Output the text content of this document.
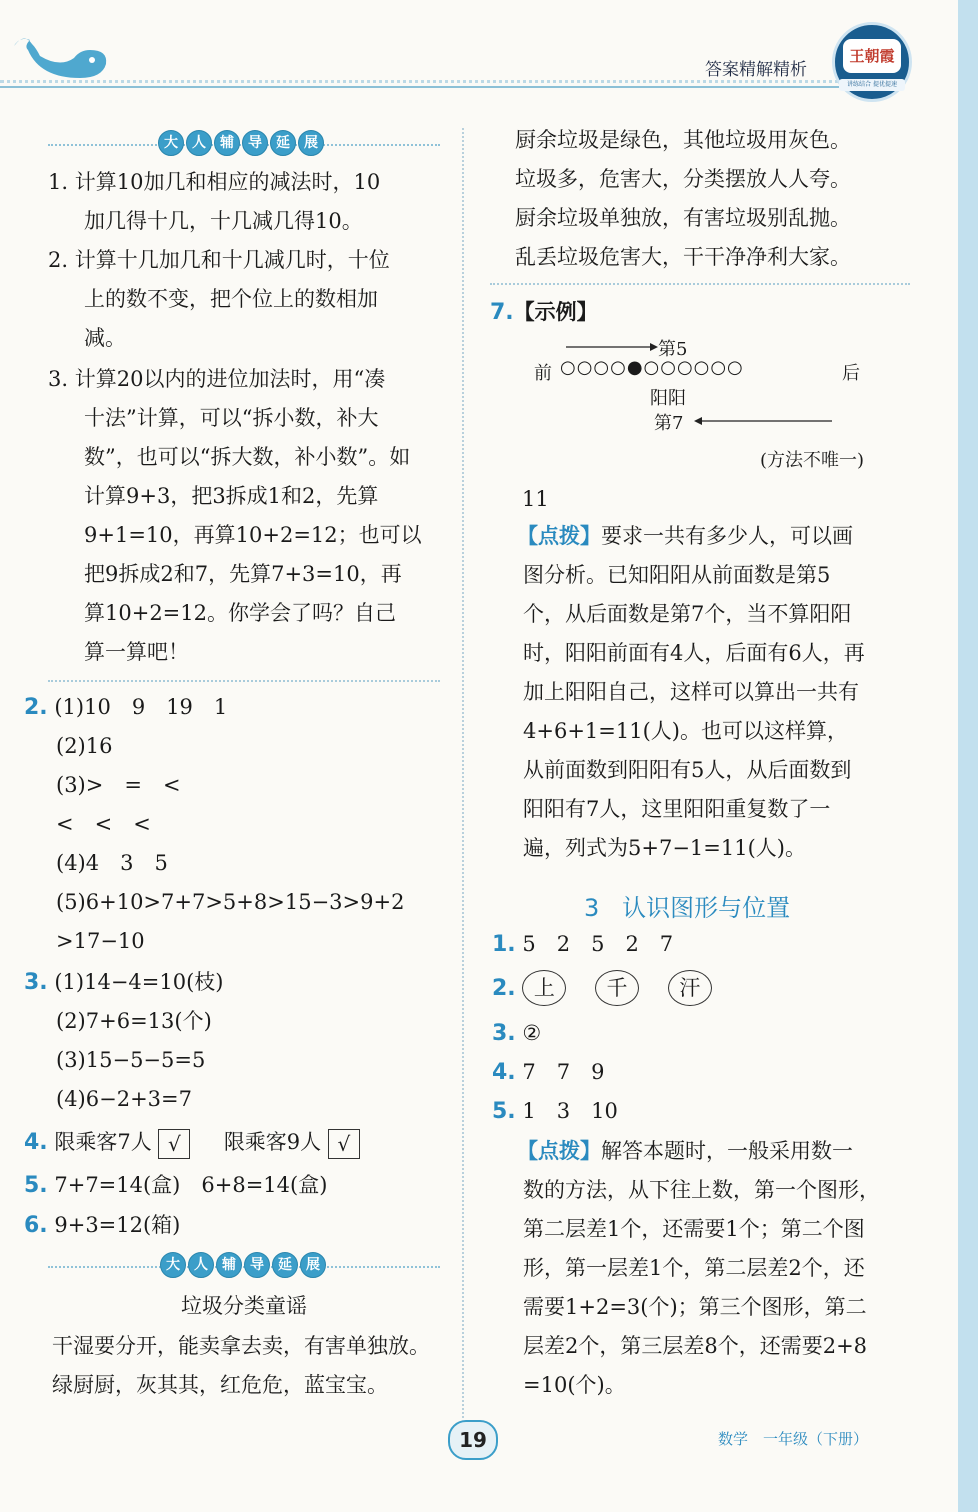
答案精解精析
王朝霞
讲练结合 提优提速
大	人	辅	导	延	展
1. 计算10加几和相应的减法时，10
加几得十几，十几减几得10。
2. 计算十几加几和十几减几时，十位
上的数不变，把个位上的数相加
减。
3. 计算20以内的进位加法时，用“凑
十法”计算，可以“拆小数，补大
数”，也可以“拆大数，补小数”。如
计算9+3，把3拆成1和2，先算
9+1=10，再算10+2=12；也可以
把9拆成2和7，先算7+3=10，再
算10+2=12。你学会了吗？自己
算一算吧！
2. (1)10　9　19　1
(2)16
(3)>　=　<
<　<　<
(4)4　3　5
(5)6+10>7+7>5+8>15−3>9+2
>17−10
3. (1)14−4=10(枝)
(2)7+6=13(个)
(3)15−5−5=5
(4)6−2+3=7
4. 限乘客7人 √ 限乘客9人 √
5. 7+7=14(盒)　6+8=14(盒)
6. 9+3=12(箱)
大	人	辅	导	延	展
垃圾分类童谣
干湿要分开，能卖拿去卖，有害单独放。
绿厨厨，灰其其，红危危，蓝宝宝。
厨余垃圾是绿色，其他垃圾用灰色。
垃圾多，危害大，分类摆放人人夸。
厨余垃圾单独放，有害垃圾别乱抛。
乱丢垃圾危害大，干干净净利大家。
7.【示例】
第5
前 ○○○○●○○○○○○	后
阳阳
第7
(方法不唯一)
11
【点拨】要求一共有多少人，可以画
图分析。已知阳阳从前面数是第5
个，从后面数是第7个，当不算阳阳
时，阳阳前面有4人，后面有6人，再
加上阳阳自己，这样可以算出一共有
4+6+1=11(人)。也可以这样算，
从前面数到阳阳有5人，从后面数到
阳阳有7人，这里阳阳重复数了一
遍，列式为5+7−1=11(人)。
3 认识图形与位置
1. 5　2　5　2　7
2. 上 千 汗
3. ②
4. 7　7　9
5. 1　3　10
【点拨】解答本题时，一般采用数一
数的方法，从下往上数，第一个图形，
第二层差1个，还需要1个；第二个图
形，第一层差1个，第二层差2个，还
需要1+2=3(个)；第三个图形，第二
层差2个，第三层差8个，还需要2+8
=10(个)。
19	数学　一年级（下册）
